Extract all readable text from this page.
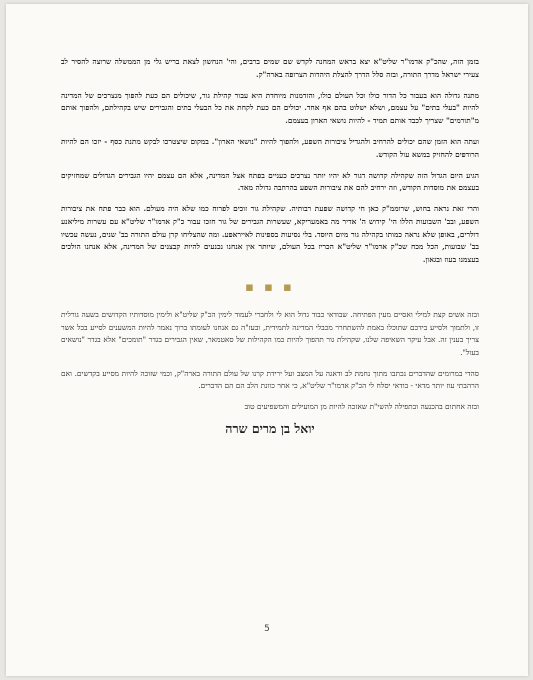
בזמן הזה, שהכ"ק אדמו"ר שליט"א יצא בראש המחנה לקדש שם שמים ברבים, והי' הנחשון לצאת בריש גלי מן הממשלה שרוצה להסיר לב צעירי ישראל מדרך התורה, ובזה סלל הדרך להצלת היהדות הצרופה בארה"ק.

מתנה גדולה הוא בעבור כל הדור כולו וכל העולם כולו, והזדמנות מיוחדת היא עבור קהילת גור, שיכולים הם כעת להפוך מנצרכים של המדינה להיות "בעלי בתים" על עצמם, ושלא ישלוט בהם אף אחד. יכולים הם כעת לקחת את כל הבעלי בתים והגבירים שיש בקהילתם, ולהפוך אותם מ"תורמים" שצריך לכבד אותם תמיד - להיות נושאי הארון בעצמם.

ועתה הוא הזמן שהם יכולים להרחיב ולהגדיל ציבורות השפע, ולהפוך להיות "נושאי הארון". במקום שיצטרכו לבקש מתנת כסף - יזכו הם להיות הרודפים להחזיק במשא עול הקודש.

הגיע היום הגדול הזה שקהילה קדושה דגור לא יהיו יותר נצרכים כעניים בפתח אצל המדינה, אלא הם עצמם יהיו הגבירים הגדולים שמחזיקים בעצמם את מוסדות הקודש, וזה ירחיב להם את ציבורות השפע בהרחבה גדולה מאד.

והרי זאת נראה בחוש, שרוממ"ק כאן חי קדושה שפעת רבותיה. שקהילת גור זוכים לפרוח כמו שלא היה מעולם. הוא כבר פתח את ציבורות השפע, ובב' השבועות הללו הי' קידוש ה' אדיר מה באמעריקא, שעשרות הגבירים של גור חזכו עבור כ"ק אדמו"ר שליט"א עם עשרות מיליאנע דולרים, באופן שלא נראה כמותו בקהילה גור מיום היוסד. בלי נסיעות בספינות לאייראפע. ומה שהצליחו קרן עולם התורה בב' שנים, נעשה עכשיו בב' שבועות, הכל מכח שכ"ק אדמו"ר שליט"א הכריז בכל העולם, שיותר אין אנחנו נכנעים להיות קבצנים של המדינה, אלא אנחנו הולכים בעצמנו בעוז ובגאון.

▪ ▪ ▪

ובזה אשים קצת למילי ואסיים מעין הפתיחה. שבודאי כבוד גדול הוא לי ולחברי לעמוד לימין הכ"ק שליט"א ולימין מוסדותיו הקדושים בשעה גורלית זו, ולתמוך ולסייע בידכם שתוכלו באמת להשתחרר מכבלי המדינה לתמידית, ובעז"ה גם אנחנו לעומתו ברוך נאמר להיות המשענים לסייע בכל אשר צריך בענין זה. אבל עיקר השאיפה שלנו, שקהילת גור תהפוך להיות כמו הקהילות של סאטמאר, שאין הגבירים בגדר "תומכים" אלא בגדר "נושאים בעול".

סהדי במרומים שהדברים נכתבו מתוך נחמת לב ודאגה על המצב ועל ירידת קרנו של עולם התורה בארה"ק, וכמי שזוכה להיות מסייע בקדשים. ואם הרהבתי עוז יותר מדאי - בודאי יסלח לי הכ"ק אדמו"ר שליט"א, כי אחר כוונת הלב הם הם הדברים.

ובזה אחתום בהכנעה ובתפילה להשי"ת שאזכה להיות מן המועילים והמשפיעים טוב

יואל בן מרים שרה
5
